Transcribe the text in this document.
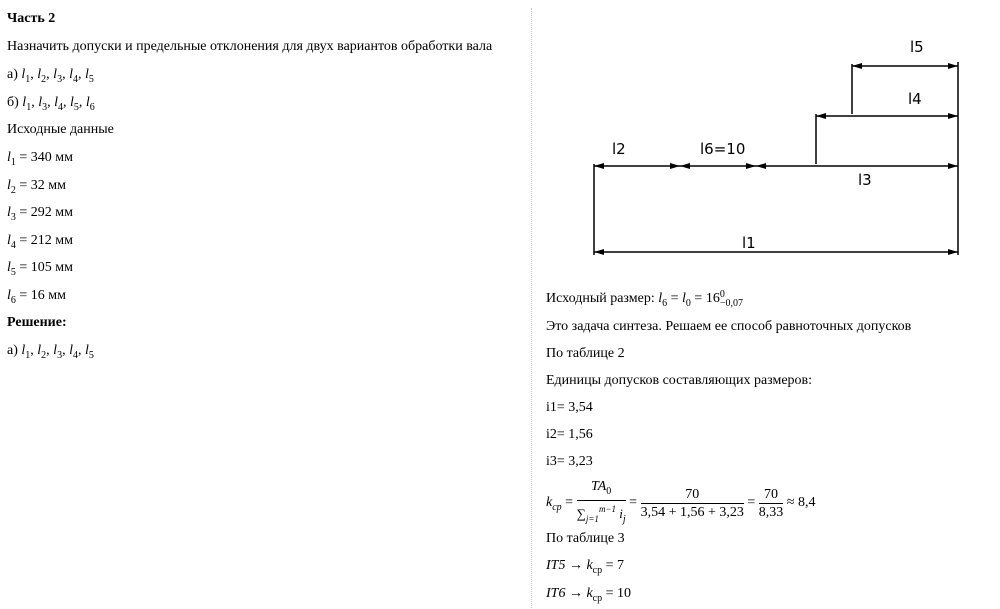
Часть 2
Назначить допуски и предельные отклонения для двух вариантов обработки вала
а) $l_1$, $l_2$, $l_3$, $l_4$, $l_5$
б) $l_1$, $l_3$, $l_4$, $l_5$, $l_6$
Исходные данные
$l_1 = 340$ мм
$l_2 = 32$ мм
$l_3 = 292$ мм
$l_4 = 212$ мм
$l_5 = 105$ мм
$l_6 = 16$ мм
Решение:
а) $l_1$, $l_2$, $l_3$, $l_4$, $l_5$
l5
l4
l2	l6=10
l3
l1
Исходный размер: $l_6 = l_0 = 16$ 0
−0,07
Это задача синтеза. Решаем ее способ равноточных допусков
По таблице 2
Единицы допусков составляющих размеров:
i1= 3,54
i2= 1,56
i3= 3,23
$k_{cp} = \frac{TA_0}{\sum_{j=1}^{m-1} i_j} = \frac{70}{3,54 + 1,56 + 3,23} = \frac{70}{8,33} \approx 8,4$
По таблице 3
$IT5 \to k_{cp} = 7$
$IT6 \to k_{cp} = 10$
